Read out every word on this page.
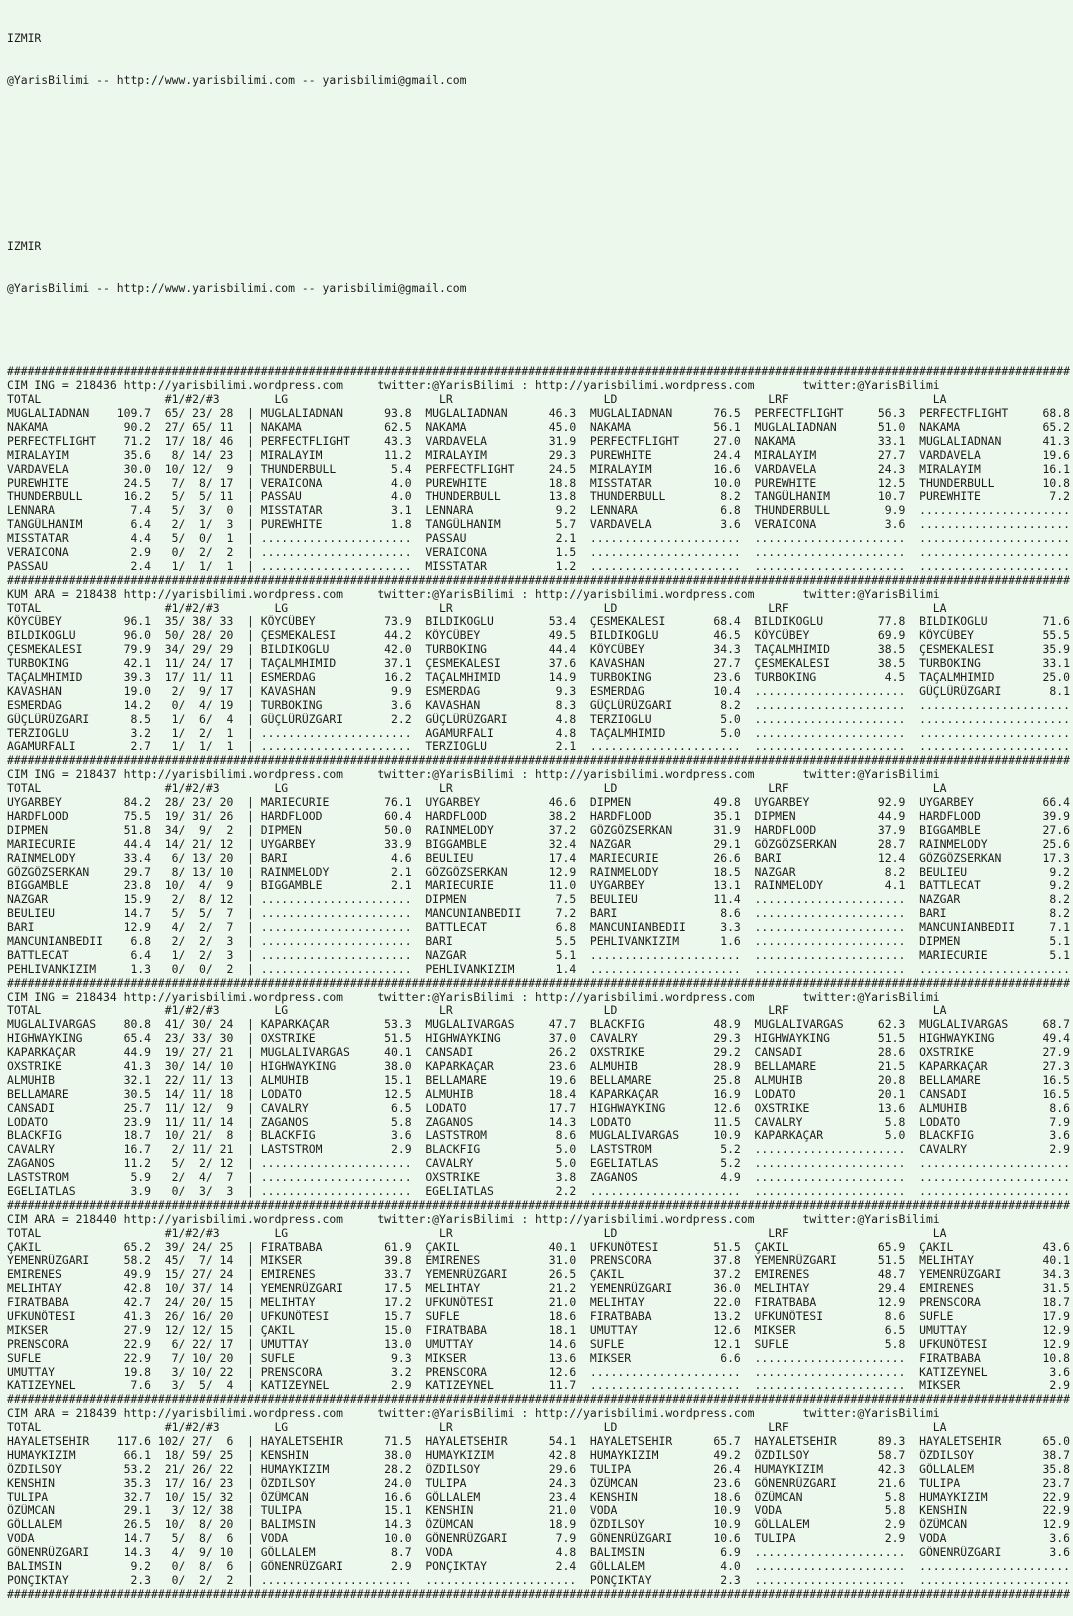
IZMIR

@YarisBilimi -- http://www.yarisbilimi.com -- yarisbilimi@gmail.com

IZMIR

@YarisBilimi -- http://www.yarisbilimi.com -- yarisbilimi@gmail.com

###########################################################################################################################################################
CIM ING = 218436 http://yarisbilimi.wordpress.com     twitter:@YarisBilimi : http://yarisbilimi.wordpress.com       twitter:@YarisBilimi
TOTAL                  #1/#2/#3        LG                      LR                      LD                      LRF                     LA
MUGLALIADNAN    109.7  65/ 23/ 28  | MUGLALIADNAN      93.8  MUGLALIADNAN      46.3  MUGLALIADNAN      76.5  PERFECTFLIGHT     56.3  PERFECTFLIGHT     68.8
NAKAMA           90.2  27/ 65/ 11  | NAKAMA            62.5  NAKAMA            45.0  NAKAMA            56.1  MUGLALIADNAN      51.0  NAKAMA            65.2
PERFECTFLIGHT    71.2  17/ 18/ 46  | PERFECTFLIGHT     43.3  VARDAVELA         31.9  PERFECTFLIGHT     27.0  NAKAMA            33.1  MUGLALIADNAN      41.3
MIRALAYIM        35.6   8/ 14/ 23  | MIRALAYIM         11.2  MIRALAYIM         29.3  PUREWHITE         24.4  MIRALAYIM         27.7  VARDAVELA         19.6
VARDAVELA        30.0  10/ 12/  9  | THUNDERBULL        5.4  PERFECTFLIGHT     24.5  MIRALAYIM         16.6  VARDAVELA         24.3  MIRALAYIM         16.1
PUREWHITE        24.5   7/  8/ 17  | VERAICONA          4.0  PUREWHITE         18.8  MISSTATAR         10.0  PUREWHITE         12.5  THUNDERBULL       10.8
THUNDERBULL      16.2   5/  5/ 11  | PASSAU             4.0  THUNDERBULL       13.8  THUNDERBULL        8.2  TANGÜLHANIM       10.7  PUREWHITE          7.2
LENNARA           7.4   5/  3/  0  | MISSTATAR          3.1  LENNARA            9.2  LENNARA            6.8  THUNDERBULL        9.9  ......................
TANGÜLHANIM       6.4   2/  1/  3  | PUREWHITE          1.8  TANGÜLHANIM        5.7  VARDAVELA          3.6  VERAICONA          3.6  ......................
MISSTATAR         4.4   5/  0/  1  | ......................  PASSAU             2.1  ......................  ......................  ......................
VERAICONA         2.9   0/  2/  2  | ......................  VERAICONA          1.5  ......................  ......................  ......................
PASSAU            2.4   1/  1/  1  | ......................  MISSTATAR          1.2  ......................  ......................  ......................
###########################################################################################################################################################
KUM ARA = 218438 http://yarisbilimi.wordpress.com     twitter:@YarisBilimi : http://yarisbilimi.wordpress.com       twitter:@YarisBilimi
TOTAL                  #1/#2/#3        LG                      LR                      LD                      LRF                     LA
KÖYCÜBEY         96.1  35/ 38/ 33  | KÖYCÜBEY          73.9  BILDIKOGLU        53.4  ÇESMEKALESI       68.4  BILDIKOGLU        77.8  BILDIKOGLU        71.6
BILDIKOGLU       96.0  50/ 28/ 20  | ÇESMEKALESI       44.2  KÖYCÜBEY          49.5  BILDIKOGLU        46.5  KÖYCÜBEY          69.9  KÖYCÜBEY          55.5
ÇESMEKALESI      79.9  34/ 29/ 29  | BILDIKOGLU        42.0  TURBOKING         44.4  KÖYCÜBEY          34.3  TAÇALMHIMID       38.5  ÇESMEKALESI       35.9
TURBOKING        42.1  11/ 24/ 17  | TAÇALMHIMID       37.1  ÇESMEKALESI       37.6  KAVASHAN          27.7  ÇESMEKALESI       38.5  TURBOKING         33.1
TAÇALMHIMID      39.3  17/ 11/ 11  | ESMERDAG          16.2  TAÇALMHIMID       14.9  TURBOKING         23.6  TURBOKING          4.5  TAÇALMHIMID       25.0
KAVASHAN         19.0   2/  9/ 17  | KAVASHAN           9.9  ESMERDAG           9.3  ESMERDAG          10.4  ......................  GÜÇLÜRÜZGARI       8.1
ESMERDAG         14.2   0/  4/ 19  | TURBOKING          3.6  KAVASHAN           8.3  GÜÇLÜRÜZGARI       8.2  ......................  ......................
GÜÇLÜRÜZGARI      8.5   1/  6/  4  | GÜÇLÜRÜZGARI       2.2  GÜÇLÜRÜZGARI       4.8  TERZIOGLU          5.0  ......................  ......................
TERZIOGLU         3.2   1/  2/  1  | ......................  AGAMURFALI         4.8  TAÇALMHIMID        5.0  ......................  ......................
AGAMURFALI        2.7   1/  1/  1  | ......................  TERZIOGLU          2.1  ......................  ......................  ......................
###########################################################################################################################################################
CIM ING = 218437 http://yarisbilimi.wordpress.com     twitter:@YarisBilimi : http://yarisbilimi.wordpress.com       twitter:@YarisBilimi
TOTAL                  #1/#2/#3        LG                      LR                      LD                      LRF                     LA
UYGARBEY         84.2  28/ 23/ 20  | MARIECURIE        76.1  UYGARBEY          46.6  DIPMEN            49.8  UYGARBEY          92.9  UYGARBEY          66.4
HARDFLOOD        75.5  19/ 31/ 26  | HARDFLOOD         60.4  HARDFLOOD         38.2  HARDFLOOD         35.1  DIPMEN            44.9  HARDFLOOD         39.9
DIPMEN           51.8  34/  9/  2  | DIPMEN            50.0  RAINMELODY        37.2  GÖZGÖZSERKAN      31.9  HARDFLOOD         37.9  BIGGAMBLE         27.6
MARIECURIE       44.4  14/ 21/ 12  | UYGARBEY          33.9  BIGGAMBLE         32.4  NAZGAR            29.1  GÖZGÖZSERKAN      28.7  RAINMELODY        25.6
RAINMELODY       33.4   6/ 13/ 20  | BARI               4.6  BEULIEU           17.4  MARIECURIE        26.6  BARI              12.4  GÖZGÖZSERKAN      17.3
GÖZGÖZSERKAN     29.7   8/ 13/ 10  | RAINMELODY         2.1  GÖZGÖZSERKAN      12.9  RAINMELODY        18.5  NAZGAR             8.2  BEULIEU            9.2
BIGGAMBLE        23.8  10/  4/  9  | BIGGAMBLE          2.1  MARIECURIE        11.0  UYGARBEY          13.1  RAINMELODY         4.1  BATTLECAT          9.2
NAZGAR           15.9   2/  8/ 12  | ......................  DIPMEN             7.5  BEULIEU           11.4  ......................  NAZGAR             8.2
BEULIEU          14.7   5/  5/  7  | ......................  MANCUNIANBEDII     7.2  BARI               8.6  ......................  BARI               8.2
BARI             12.9   4/  2/  7  | ......................  BATTLECAT          6.8  MANCUNIANBEDII     3.3  ......................  MANCUNIANBEDII     7.1
MANCUNIANBEDII    6.8   2/  2/  3  | ......................  BARI               5.5  PEHLIVANKIZIM      1.6  ......................  DIPMEN             5.1
BATTLECAT         6.4   1/  2/  3  | ......................  NAZGAR             5.1  ......................  ......................  MARIECURIE         5.1
PEHLIVANKIZIM     1.3   0/  0/  2  | ......................  PEHLIVANKIZIM      1.4  ......................  ......................  ......................
###########################################################################################################################################################
CIM ING = 218434 http://yarisbilimi.wordpress.com     twitter:@YarisBilimi : http://yarisbilimi.wordpress.com       twitter:@YarisBilimi
TOTAL                  #1/#2/#3        LG                      LR                      LD                      LRF                     LA
MUGLALIVARGAS    80.8  41/ 30/ 24  | KAPARKAÇAR        53.3  MUGLALIVARGAS     47.7  BLACKFIG          48.9  MUGLALIVARGAS     62.3  MUGLALIVARGAS     68.7
HIGHWAYKING      65.4  23/ 33/ 30  | OXSTRIKE          51.5  HIGHWAYKING       37.0  CAVALRY           29.3  HIGHWAYKING       51.5  HIGHWAYKING       49.4
KAPARKAÇAR       44.9  19/ 27/ 21  | MUGLALIVARGAS     40.1  CANSADI           26.2  OXSTRIKE          29.2  CANSADI           28.6  OXSTRIKE          27.9
OXSTRIKE         41.3  30/ 14/ 10  | HIGHWAYKING       38.0  KAPARKAÇAR        23.6  ALMUHIB           28.9  BELLAMARE         21.5  KAPARKAÇAR        27.3
ALMUHIB          32.1  22/ 11/ 13  | ALMUHIB           15.1  BELLAMARE         19.6  BELLAMARE         25.8  ALMUHIB           20.8  BELLAMARE         16.5
BELLAMARE        30.5  14/ 11/ 18  | LODATO            12.5  ALMUHIB           18.4  KAPARKAÇAR        16.9  LODATO            20.1  CANSADI           16.5
CANSADI          25.7  11/ 12/  9  | CAVALRY            6.5  LODATO            17.7  HIGHWAYKING       12.6  OXSTRIKE          13.6  ALMUHIB            8.6
LODATO           23.9  11/ 11/ 14  | ZAGANOS            5.8  ZAGANOS           14.3  LODATO            11.5  CAVALRY            5.8  LODATO             7.9
BLACKFIG         18.7  10/ 21/  8  | BLACKFIG           3.6  LASTSTROM          8.6  MUGLALIVARGAS     10.9  KAPARKAÇAR         5.0  BLACKFIG           3.6
CAVALRY          16.7   2/ 11/ 21  | LASTSTROM          2.9  BLACKFIG           5.0  LASTSTROM          5.2  ......................  CAVALRY            2.9
ZAGANOS          11.2   5/  2/ 12  | ......................  CAVALRY            5.0  EGELIATLAS         5.2  ......................  ......................
LASTSTROM         5.9   2/  4/  7  | ......................  OXSTRIKE           3.8  ZAGANOS            4.9  ......................  ......................
EGELIATLAS        3.9   0/  3/  3  | ......................  EGELIATLAS         2.2  ......................  ......................  ......................
###########################################################################################################################################################
CIM ARA = 218440 http://yarisbilimi.wordpress.com     twitter:@YarisBilimi : http://yarisbilimi.wordpress.com       twitter:@YarisBilimi
TOTAL                  #1/#2/#3        LG                      LR                      LD                      LRF                     LA
ÇAKIL            65.2  39/ 24/ 25  | FIRATBABA         61.9  ÇAKIL             40.1  UFKUNÖTESI        51.5  ÇAKIL             65.9  ÇAKIL             43.6
YEMENRÜZGARI     58.2  45/  7/ 14  | MIKSER            39.8  EMIRENES          31.0  PRENSCORA         37.8  YEMENRÜZGARI      51.5  MELIHTAY          40.1
EMIRENES         49.9  15/ 27/ 24  | EMIRENES          33.7  YEMENRÜZGARI      26.5  ÇAKIL             37.2  EMIRENES          48.7  YEMENRÜZGARI      34.3
MELIHTAY         42.8  10/ 37/ 14  | YEMENRÜZGARI      17.5  MELIHTAY          21.2  YEMENRÜZGARI      36.0  MELIHTAY          29.4  EMIRENES          31.5
FIRATBABA        42.7  24/ 20/ 15  | MELIHTAY          17.2  UFKUNÖTESI        21.0  MELIHTAY          22.0  FIRATBABA         12.9  PRENSCORA         18.7
UFKUNÖTESI       41.3  26/ 16/ 20  | UFKUNÖTESI        15.7  SUFLE             18.6  FIRATBABA         13.2  UFKUNÖTESI         8.6  SUFLE             17.9
MIKSER           27.9  12/ 12/ 15  | ÇAKIL             15.0  FIRATBABA         18.1  UMUTTAY           12.6  MIKSER             6.5  UMUTTAY           12.9
PRENSCORA        22.9   6/ 22/ 17  | UMUTTAY           13.0  UMUTTAY           14.6  SUFLE             12.1  SUFLE              5.8  UFKUNÖTESI        12.9
SUFLE            22.9   7/ 10/ 20  | SUFLE              9.3  MIKSER            13.6  MIKSER             6.6  ......................  FIRATBABA         10.8
UMUTTAY          19.8   3/ 10/ 22  | PRENSCORA          3.2  PRENSCORA         12.6  ......................  ......................  KATIZEYNEL         3.6
KATIZEYNEL        7.6   3/  5/  4  | KATIZEYNEL         2.9  KATIZEYNEL        11.7  ......................  ......................  MIKSER             2.9
###########################################################################################################################################################
CIM ARA = 218439 http://yarisbilimi.wordpress.com     twitter:@YarisBilimi : http://yarisbilimi.wordpress.com       twitter:@YarisBilimi
TOTAL                  #1/#2/#3        LG                      LR                      LD                      LRF                     LA
HAYALETSEHIR    117.6 102/ 27/  6  | HAYALETSEHIR      71.5  HAYALETSEHIR      54.1  HAYALETSEHIR      65.7  HAYALETSEHIR      89.3  HAYALETSEHIR      65.0
HUMAYKIZIM       66.1  18/ 59/ 25  | KENSHIN           38.0  HUMAYKIZIM        42.8  HUMAYKIZIM        49.2  ÖZDILSOY          58.7  ÖZDILSOY          38.7
ÖZDILSOY         53.2  21/ 26/ 22  | HUMAYKIZIM        28.2  ÖZDILSOY          29.6  TULIPA            26.4  HUMAYKIZIM        42.3  GÖLLALEM          35.8
KENSHIN          35.3  17/ 16/ 23  | ÖZDILSOY          24.0  TULIPA            24.3  ÖZÜMCAN           23.6  GÖNENRÜZGARI      21.6  TULIPA            23.7
TULIPA           32.7  10/ 15/ 32  | ÖZÜMCAN           16.6  GÖLLALEM          23.4  KENSHIN           18.6  ÖZÜMCAN            5.8  HUMAYKIZIM        22.9
ÖZÜMCAN          29.1   3/ 12/ 38  | TULIPA            15.1  KENSHIN           21.0  VODA              10.9  VODA               5.8  KENSHIN           22.9
GÖLLALEM         26.5  10/  8/ 20  | BALIMSIN          14.3  ÖZÜMCAN           18.9  ÖZDILSOY          10.9  GÖLLALEM           2.9  ÖZÜMCAN           12.9
VODA             14.7   5/  8/  6  | VODA              10.0  GÖNENRÜZGARI       7.9  GÖNENRÜZGARI      10.6  TULIPA             2.9  VODA               3.6
GÖNENRÜZGARI     14.3   4/  9/ 10  | GÖLLALEM           8.7  VODA               4.8  BALIMSIN           6.9  ......................  GÖNENRÜZGARI       3.6
BALIMSIN          9.2   0/  8/  6  | GÖNENRÜZGARI       2.9  PONÇIKTAY          2.4  GÖLLALEM           4.0  ......................  ......................
PONÇIKTAY         2.3   0/  2/  2  | ......................  ......................  PONÇIKTAY          2.3  ......................  ......................
###########################################################################################################################################################
